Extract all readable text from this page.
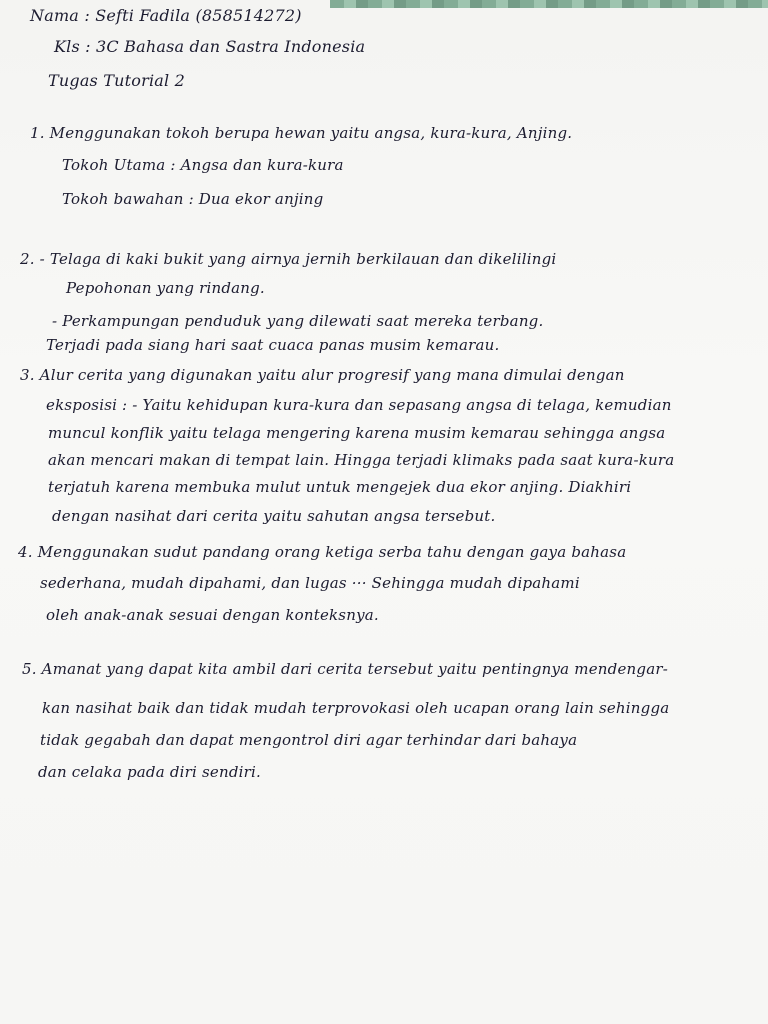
Nama : Sefti Fadila (858514272)
Kls : 3C Bahasa dan Sastra Indonesia
Tugas Tutorial 2
1. Menggunakan tokoh berupa hewan yaitu angsa, kura-kura, Anjing.
Tokoh Utama : Angsa dan kura-kura
Tokoh bawahan : Dua ekor anjing
2. - Telaga di kaki bukit yang airnya jernih berkilauan dan dikelilingi
Pepohonan yang rindang.
- Perkampungan penduduk yang dilewati saat mereka terbang.
Terjadi pada siang hari saat cuaca panas musim kemarau.
3. Alur cerita yang digunakan yaitu alur progresif yang mana dimulai dengan
eksposisi : - Yaitu kehidupan kura-kura dan sepasang angsa di telaga, kemudian
muncul konflik yaitu telaga mengering karena musim kemarau sehingga angsa
akan mencari makan di tempat lain. Hingga terjadi klimaks pada saat kura-kura
terjatuh karena membuka mulut untuk mengejek dua ekor anjing. Diakhiri
dengan nasihat dari cerita yaitu sahutan angsa tersebut.
4. Menggunakan sudut pandang orang ketiga serba tahu dengan gaya bahasa
sederhana, mudah dipahami, dan lugas ··· Sehingga mudah dipahami
oleh anak-anak sesuai dengan konteksnya.
5. Amanat yang dapat kita ambil dari cerita tersebut yaitu pentingnya mendengar-
kan nasihat baik dan tidak mudah terprovokasi oleh ucapan orang lain sehingga
tidak gegabah dan dapat mengontrol diri agar terhindar dari bahaya
dan celaka pada diri sendiri.
